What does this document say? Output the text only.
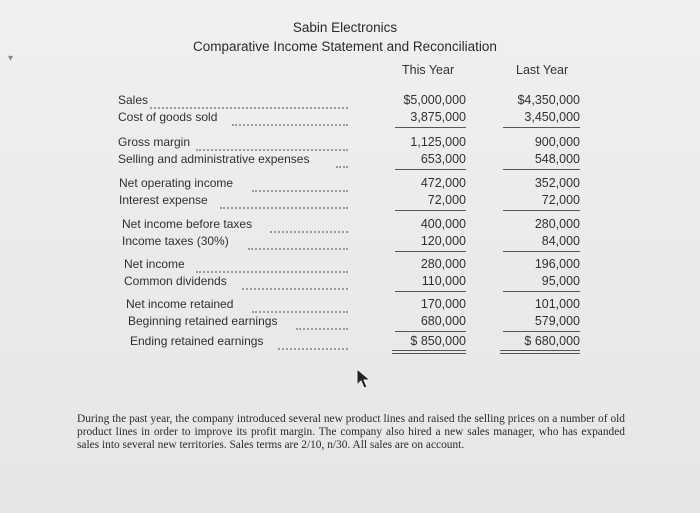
▾
Sabin Electronics
Comparative Income Statement and Reconciliation
This Year	Last Year
Sales	$5,000,000	$4,350,000
Cost of goods sold	3,875,000	3,450,000
Gross margin	1,125,000	900,000
Selling and administrative expenses	653,000	548,000
Net operating income	472,000	352,000
Interest expense	72,000	72,000
Net income before taxes	400,000	280,000
Income taxes (30%)	120,000	84,000
Net income	280,000	196,000
Common dividends	110,000	95,000
Net income retained	170,000	101,000
Beginning retained earnings	680,000	579,000
Ending retained earnings	$ 850,000	$ 680,000
During the past year, the company introduced several new product lines and raised the selling prices on a number of old product lines in order to improve its profit margin. The company also hired a new sales manager, who has expanded sales into several new territories. Sales terms are 2/10, n/30. All sales are on account.
